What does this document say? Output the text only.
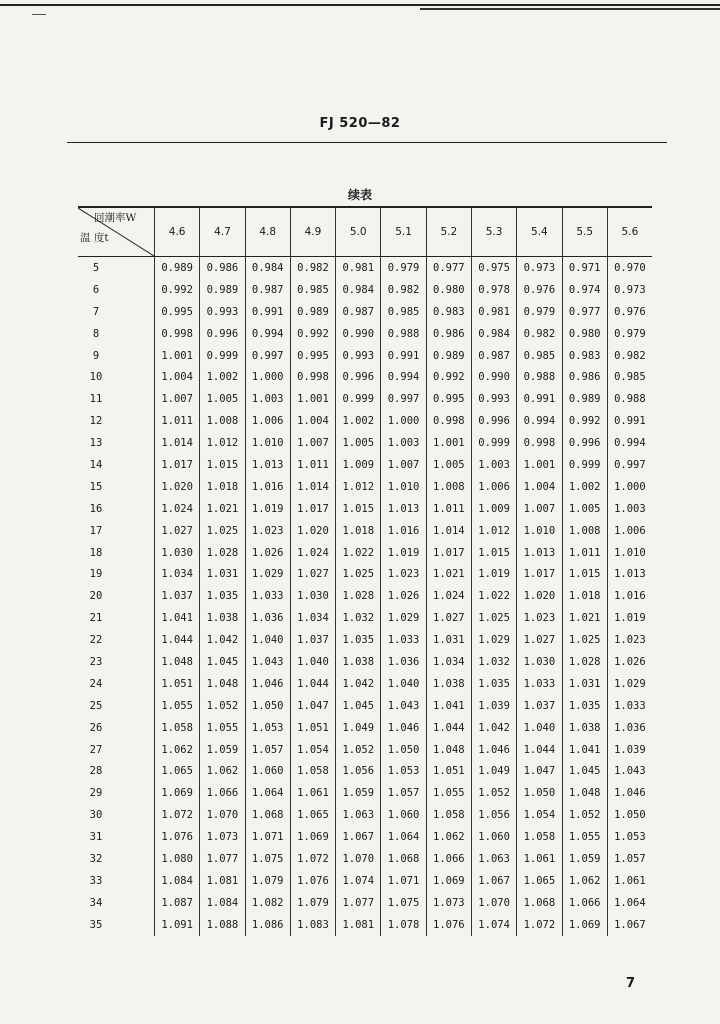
FJ 520—82
续表
回潮率W
温 度t	4.6	4.7	4.8	4.9	5.0	5.1	5.2	5.3	5.4	5.5	5.6
5	0.989	0.986	0.984	0.982	0.981	0.979	0.977	0.975	0.973	0.971	0.970
6	0.992	0.989	0.987	0.985	0.984	0.982	0.980	0.978	0.976	0.974	0.973
7	0.995	0.993	0.991	0.989	0.987	0.985	0.983	0.981	0.979	0.977	0.976
8	0.998	0.996	0.994	0.992	0.990	0.988	0.986	0.984	0.982	0.980	0.979
9	1.001	0.999	0.997	0.995	0.993	0.991	0.989	0.987	0.985	0.983	0.982
10	1.004	1.002	1.000	0.998	0.996	0.994	0.992	0.990	0.988	0.986	0.985
11	1.007	1.005	1.003	1.001	0.999	0.997	0.995	0.993	0.991	0.989	0.988
12	1.011	1.008	1.006	1.004	1.002	1.000	0.998	0.996	0.994	0.992	0.991
13	1.014	1.012	1.010	1.007	1.005	1.003	1.001	0.999	0.998	0.996	0.994
14	1.017	1.015	1.013	1.011	1.009	1.007	1.005	1.003	1.001	0.999	0.997
15	1.020	1.018	1.016	1.014	1.012	1.010	1.008	1.006	1.004	1.002	1.000
16	1.024	1.021	1.019	1.017	1.015	1.013	1.011	1.009	1.007	1.005	1.003
17	1.027	1.025	1.023	1.020	1.018	1.016	1.014	1.012	1.010	1.008	1.006
18	1.030	1.028	1.026	1.024	1.022	1.019	1.017	1.015	1.013	1.011	1.010
19	1.034	1.031	1.029	1.027	1.025	1.023	1.021	1.019	1.017	1.015	1.013
20	1.037	1.035	1.033	1.030	1.028	1.026	1.024	1.022	1.020	1.018	1.016
21	1.041	1.038	1.036	1.034	1.032	1.029	1.027	1.025	1.023	1.021	1.019
22	1.044	1.042	1.040	1.037	1.035	1.033	1.031	1.029	1.027	1.025	1.023
23	1.048	1.045	1.043	1.040	1.038	1.036	1.034	1.032	1.030	1.028	1.026
24	1.051	1.048	1.046	1.044	1.042	1.040	1.038	1.035	1.033	1.031	1.029
25	1.055	1.052	1.050	1.047	1.045	1.043	1.041	1.039	1.037	1.035	1.033
26	1.058	1.055	1.053	1.051	1.049	1.046	1.044	1.042	1.040	1.038	1.036
27	1.062	1.059	1.057	1.054	1.052	1.050	1.048	1.046	1.044	1.041	1.039
28	1.065	1.062	1.060	1.058	1.056	1.053	1.051	1.049	1.047	1.045	1.043
29	1.069	1.066	1.064	1.061	1.059	1.057	1.055	1.052	1.050	1.048	1.046
30	1.072	1.070	1.068	1.065	1.063	1.060	1.058	1.056	1.054	1.052	1.050
31	1.076	1.073	1.071	1.069	1.067	1.064	1.062	1.060	1.058	1.055	1.053
32	1.080	1.077	1.075	1.072	1.070	1.068	1.066	1.063	1.061	1.059	1.057
33	1.084	1.081	1.079	1.076	1.074	1.071	1.069	1.067	1.065	1.062	1.061
34	1.087	1.084	1.082	1.079	1.077	1.075	1.073	1.070	1.068	1.066	1.064
35	1.091	1.088	1.086	1.083	1.081	1.078	1.076	1.074	1.072	1.069	1.067
7
